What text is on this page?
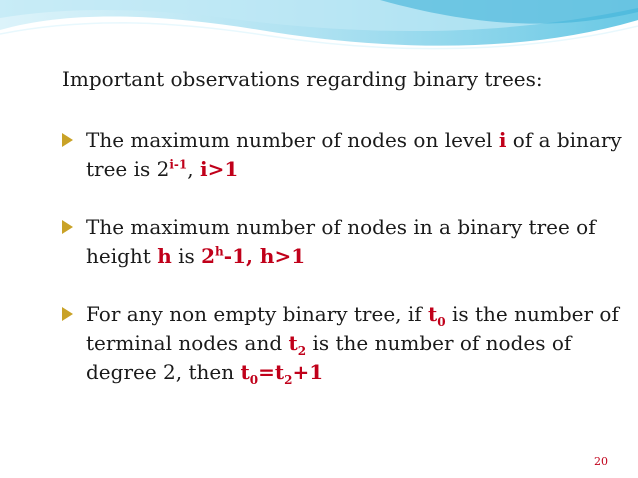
Important observations regarding binary trees:
The maximum number of nodes on level i of a binary tree is 2$^{i-1}$, i>1
The maximum number of nodes in a binary tree of height h is 2$^h$-1, h>1
For any non empty binary tree, if $t_0$ is the number of terminal nodes and $t_2$ is the number of nodes of degree 2, then $t_0=t_2+1$
20
